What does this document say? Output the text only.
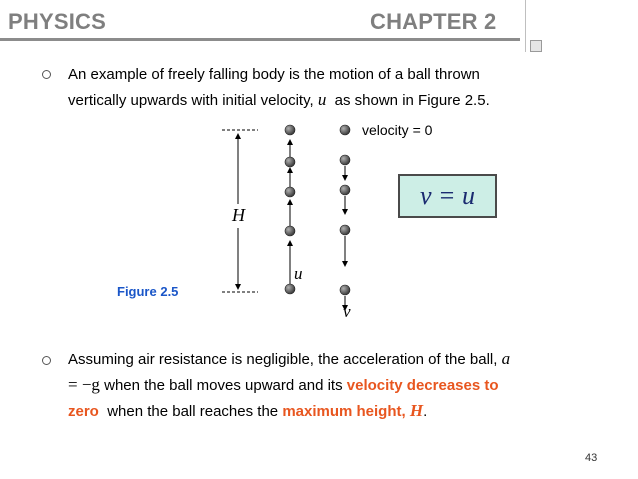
PHYSICS	CHAPTER 2
An example of freely falling body is the motion of a ball thrown
vertically upwards with initial velocity, u as shown in Figure 2.5.
velocity = 0
H
u
v
Figure 2.5
v = u
Assuming air resistance is negligible, the acceleration of the ball, a
= −g when the ball moves upward and its velocity decreases to
zero when the ball reaches the maximum height, H.
43
